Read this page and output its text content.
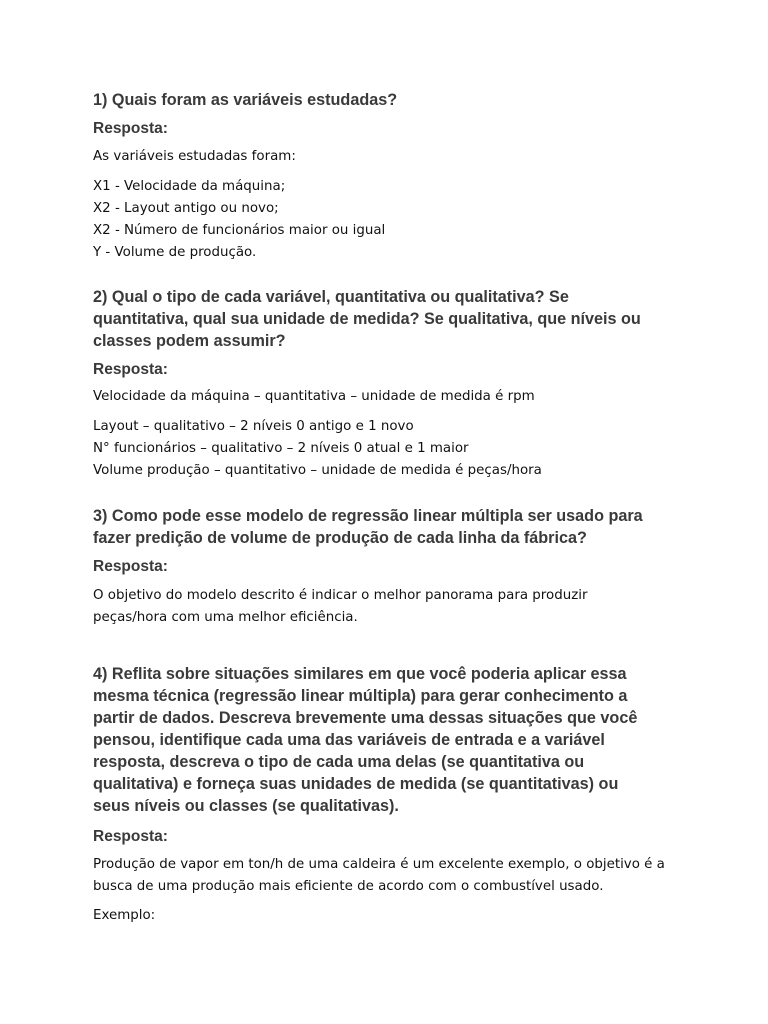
1) Quais foram as variáveis estudadas?

Resposta:

As variáveis estudadas foram:

X1 - Velocidade da máquina;

X2 - Layout antigo ou novo;

X2 - Número de funcionários maior ou igual

Y - Volume de produção.

2) Qual o tipo de cada variável, quantitativa ou qualitativa? Se

quantitativa, qual sua unidade de medida? Se qualitativa, que níveis ou

classes podem assumir?

Resposta:

Velocidade da máquina – quantitativa – unidade de medida é rpm

Layout – qualitativo – 2 níveis 0 antigo e 1 novo

N° funcionários – qualitativo – 2 níveis 0 atual e 1 maior

Volume produção – quantitativo – unidade de medida é peças/hora

3) Como pode esse modelo de regressão linear múltipla ser usado para

fazer predição de volume de produção de cada linha da fábrica?

Resposta:

O objetivo do modelo descrito é indicar o melhor panorama para produzir

peças/hora com uma melhor eficiência.

4) Reflita sobre situações similares em que você poderia aplicar essa

mesma técnica (regressão linear múltipla) para gerar conhecimento a

partir de dados. Descreva brevemente uma dessas situações que você

pensou, identifique cada uma das variáveis de entrada e a variável

resposta, descreva o tipo de cada uma delas (se quantitativa ou

qualitativa) e forneça suas unidades de medida (se quantitativas) ou

seus níveis ou classes (se qualitativas).

Resposta:

Produção de vapor em ton/h de uma caldeira é um excelente exemplo, o objetivo é a

busca de uma produção mais eficiente de acordo com o combustível usado.

Exemplo:
